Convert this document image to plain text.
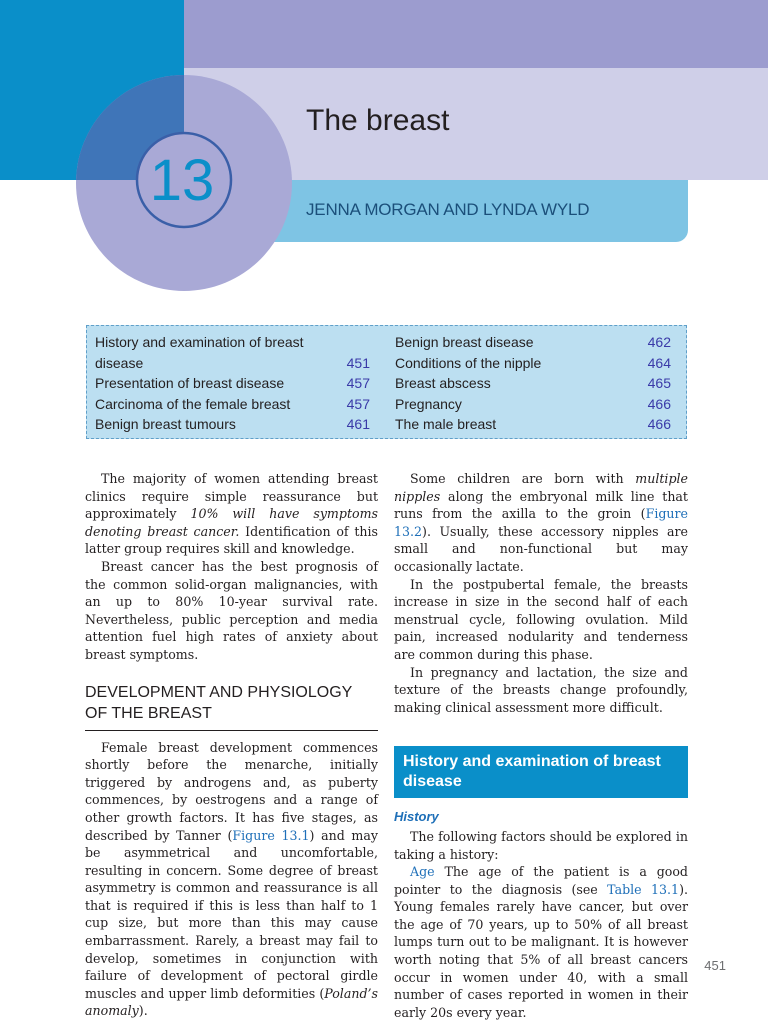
13
The breast
JENNA MORGAN AND LYNDA WYLD
History and examination of breast disease	451
Presentation of breast disease	457
Carcinoma of the female breast	457
Benign breast tumours	461
Benign breast disease	462
Conditions of the nipple	464
Breast abscess	465
Pregnancy	466
The male breast	466

The majority of women attending breast clinics require simple reassurance but approximately 10% will have symptoms denoting breast cancer. Identification of this latter group requires skill and knowledge.

Breast cancer has the best prognosis of the common solid-organ malignancies, with an up to 80% 10-year survival rate. Nevertheless, public perception and media attention fuel high rates of anxiety about breast symptoms.

DEVELOPMENT AND PHYSIOLOGY OF THE BREAST

Female breast development commences shortly before the menarche, initially triggered by androgens and, as puberty commences, by oestrogens and a range of other growth factors. It has five stages, as described by Tanner (Figure 13.1) and may be asymmetrical and uncomfortable, resulting in concern. Some degree of breast asymmetry is common and reassurance is all that is required if this is less than half to 1 cup size, but more than this may cause embarrassment. Rarely, a breast may fail to develop, sometimes in conjunction with failure of development of pectoral girdle muscles and upper limb deformities (Poland’s anomaly).

Some children are born with multiple nipples along the embryonal milk line that runs from the axilla to the groin (Figure 13.2). Usually, these accessory nipples are small and non-functional but may occasionally lactate.

In the postpubertal female, the breasts increase in size in the second half of each menstrual cycle, following ovulation. Mild pain, increased nodularity and tenderness are common during this phase.

In pregnancy and lactation, the size and texture of the breasts change profoundly, making clinical assessment more difficult.

History and examination of breast disease
History

The following factors should be explored in taking a history:

Age The age of the patient is a good pointer to the diagnosis (see Table 13.1). Young females rarely have cancer, but over the age of 70 years, up to 50% of all breast lumps turn out to be malignant. It is however worth noting that 5% of all breast cancers occur in women under 40, with a small number of cases reported in women in their early 20s every year.

451
